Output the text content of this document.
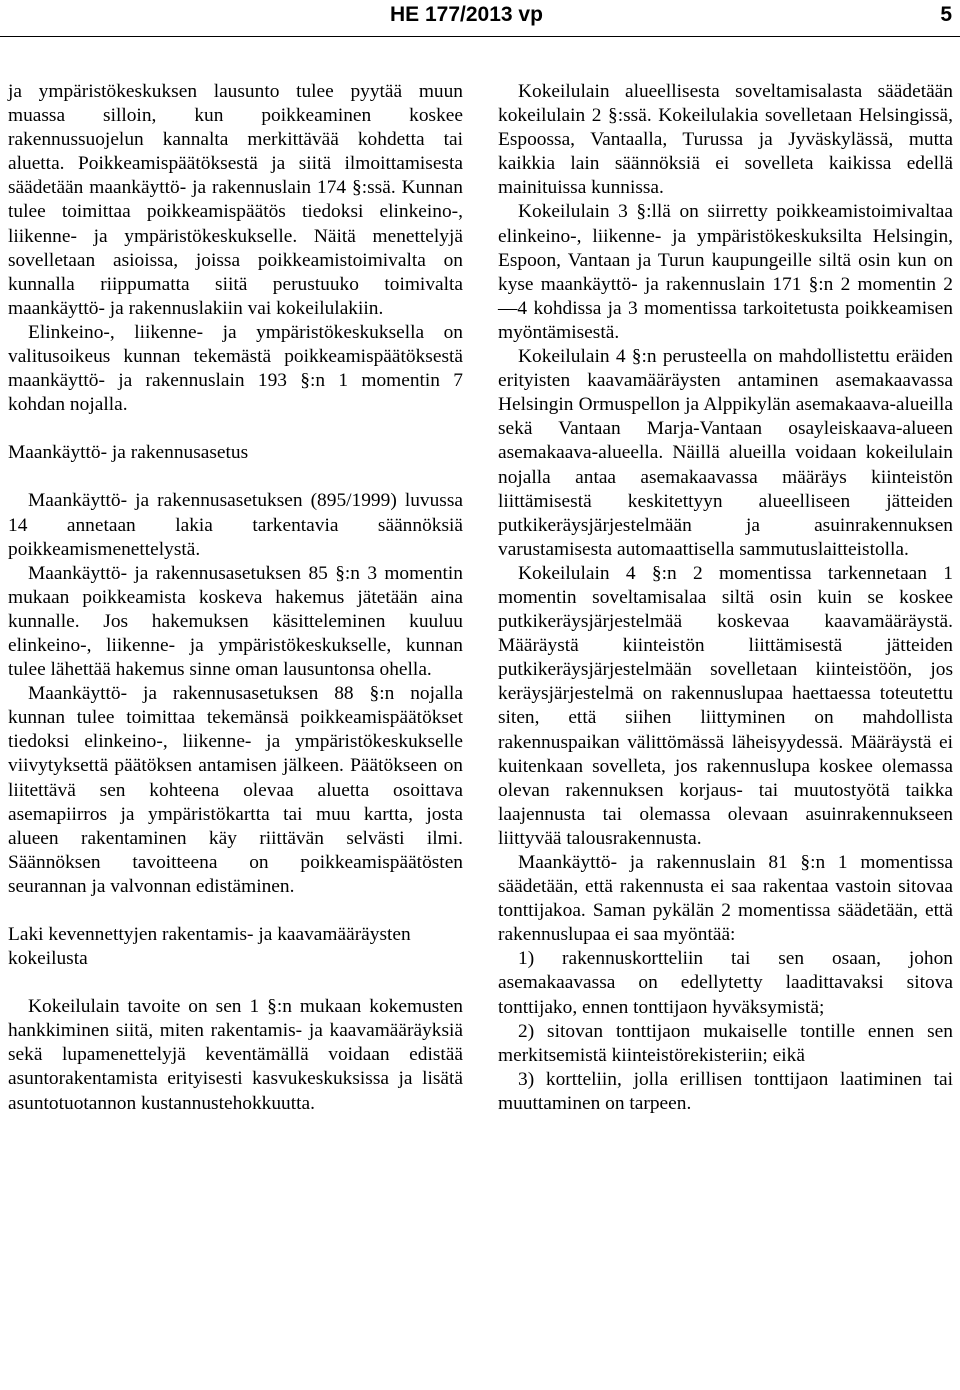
HE 177/2013 vp	5

ja ympäristökeskuksen lausunto tulee pyytää muun muassa silloin, kun poikkeaminen koskee rakennussuojelun kannalta merkittävää kohdetta tai aluetta. Poikkeamispäätöksestä ja siitä ilmoittamisesta säädetään maankäyttö- ja rakennuslain 174 §:ssä. Kunnan tulee toimittaa poikkeamispäätös tiedoksi elinkeino-, liikenne- ja ympäristökeskukselle. Näitä menettelyjä sovelletaan asioissa, joissa poikkeamistoimivalta on kunnalla riippumatta siitä perustuuko toimivalta maankäyttö- ja rakennuslakiin vai kokeilulakiin.

Elinkeino-, liikenne- ja ympäristökeskuksella on valitusoikeus kunnan tekemästä poikkeamispäätöksestä maankäyttö- ja rakennuslain 193 §:n 1 momentin 7 kohdan nojalla.

Maankäyttö- ja rakennusasetus

Maankäyttö- ja rakennusasetuksen (895/1999) luvussa 14 annetaan lakia tarkentavia säännöksiä poikkeamismenettelystä.

Maankäyttö- ja rakennusasetuksen 85 §:n 3 momentin mukaan poikkeamista koskeva hakemus jätetään aina kunnalle. Jos hakemuksen käsitteleminen kuuluu elinkeino-, liikenne- ja ympäristökeskukselle, kunnan tulee lähettää hakemus sinne oman lausuntonsa ohella.

Maankäyttö- ja rakennusasetuksen 88 §:n nojalla kunnan tulee toimittaa tekemänsä poikkeamispäätökset tiedoksi elinkeino-, liikenne- ja ympäristökeskukselle viivytyksettä päätöksen antamisen jälkeen. Päätökseen on liitettävä sen kohteena olevaa aluetta osoittava asemapiirros ja ympäristökartta tai muu kartta, josta alueen rakentaminen käy riittävän selvästi ilmi. Säännöksen tavoitteena on poikkeamispäätösten seurannan ja valvonnan edistäminen.

Laki kevennettyjen rakentamis- ja kaavamääräysten kokeilusta

Kokeilulain tavoite on sen 1 §:n mukaan kokemusten hankkiminen siitä, miten rakentamis- ja kaavamääräyksiä sekä lupamenettelyjä keventämällä voidaan edistää asuntorakentamista erityisesti kasvukeskuksissa ja lisätä asuntotuotannon kustannustehokkuutta.

Kokeilulain alueellisesta soveltamisalasta säädetään kokeilulain 2 §:ssä. Kokeilulakia sovelletaan Helsingissä, Espoossa, Vantaalla, Turussa ja Jyväskylässä, mutta kaikkia lain säännöksiä ei sovelleta kaikissa edellä mainituissa kunnissa.

Kokeilulain 3 §:llä on siirretty poikkeamistoimivaltaa elinkeino-, liikenne- ja ympäristökeskuksilta Helsingin, Espoon, Vantaan ja Turun kaupungeille siltä osin kun on kyse maankäyttö- ja rakennuslain 171 §:n 2 momentin 2—4 kohdissa ja 3 momentissa tarkoitetusta poikkeamisen myöntämisestä.

Kokeilulain 4 §:n perusteella on mahdollistettu eräiden erityisten kaavamääräysten antaminen asemakaavassa Helsingin Ormuspellon ja Alppikylän asemakaava-alueilla sekä Vantaan Marja-Vantaan osayleiskaava-alueen asemakaava-alueella. Näillä alueilla voidaan kokeilulain nojalla antaa asemakaavassa määräys kiinteistön liittämisestä keskitettyyn alueelliseen jätteiden putkikeräysjärjestelmään ja asuinrakennuksen varustamisesta automaattisella sammutuslaitteistolla.

Kokeilulain 4 §:n 2 momentissa tarkennetaan 1 momentin soveltamisalaa siltä osin kuin se koskee putkikeräysjärjestelmää koskevaa kaavamääräystä. Määräystä kiinteistön liittämisestä jätteiden putkikeräysjärjestelmään sovelletaan kiinteistöön, jos keräysjärjestelmä on rakennuslupaa haettaessa toteutettu siten, että siihen liittyminen on mahdollista rakennuspaikan välittömässä läheisyydessä. Määräystä ei kuitenkaan sovelleta, jos rakennuslupa koskee olemassa olevan rakennuksen korjaus- tai muutostyötä taikka laajennusta tai olemassa olevaan asuinrakennukseen liittyvää talousrakennusta.

Maankäyttö- ja rakennuslain 81 §:n 1 momentissa säädetään, että rakennusta ei saa rakentaa vastoin sitovaa tonttijakoa. Saman pykälän 2 momentissa säädetään, että rakennuslupaa ei saa myöntää:

1) rakennuskortteliin tai sen osaan, johon asemakaavassa on edellytetty laadittavaksi sitova tonttijako, ennen tonttijaon hyväksymistä;

2) sitovan tonttijaon mukaiselle tontille ennen sen merkitsemistä kiinteistörekisteriin; eikä

3) kortteliin, jolla erillisen tonttijaon laatiminen tai muuttaminen on tarpeen.
